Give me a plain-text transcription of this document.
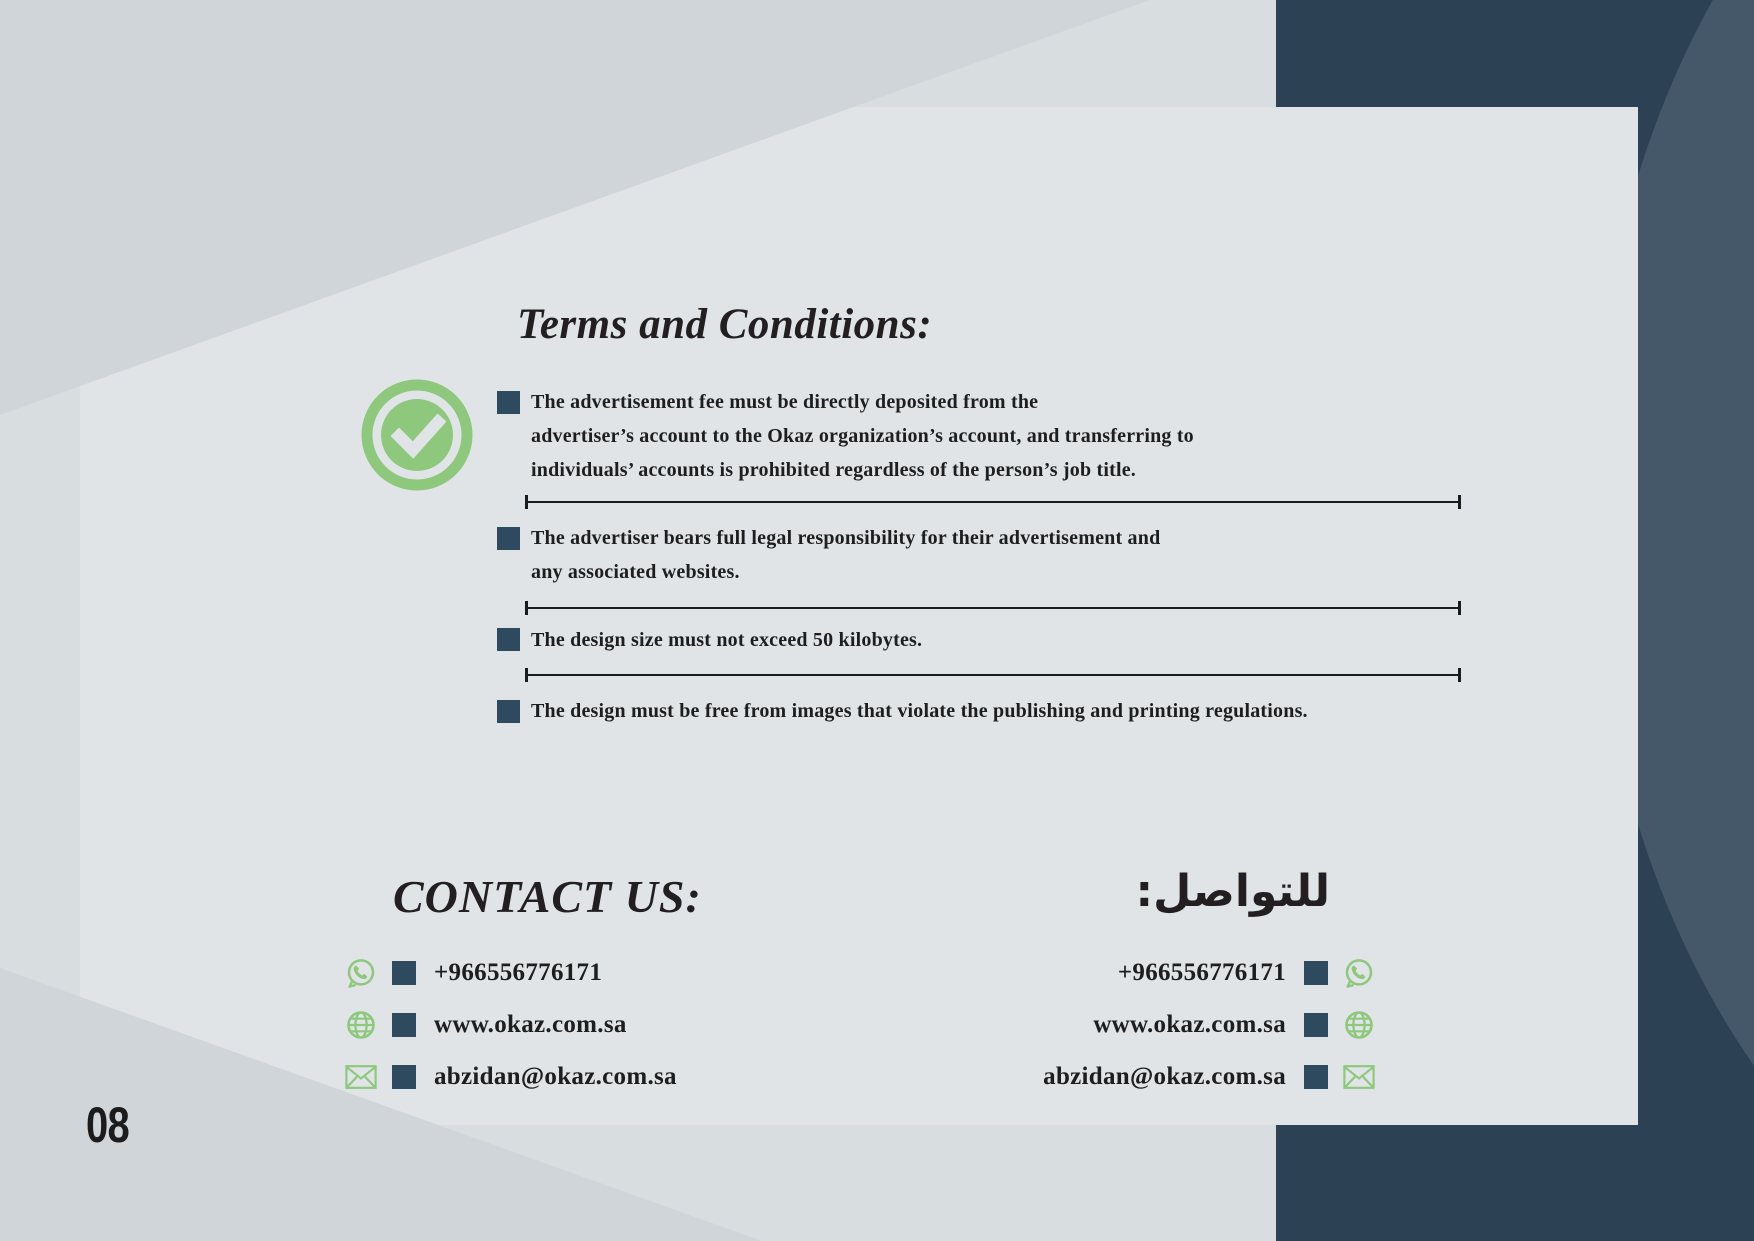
Terms and Conditions:
The advertisement fee must be directly deposited from the
advertiser’s account to the Okaz organization’s account, and transferring to
individuals’ accounts is prohibited regardless of the person’s job title.
The advertiser bears full legal responsibility for their advertisement and
any associated websites.
The design size must not exceed 50 kilobytes.
The design must be free from images that violate the publishing and printing regulations.
CONTACT US:	للتواصل:
+966556776171
www.okaz.com.sa
abzidan@okaz.com.sa
+966556776171
www.okaz.com.sa
abzidan@okaz.com.sa
08
